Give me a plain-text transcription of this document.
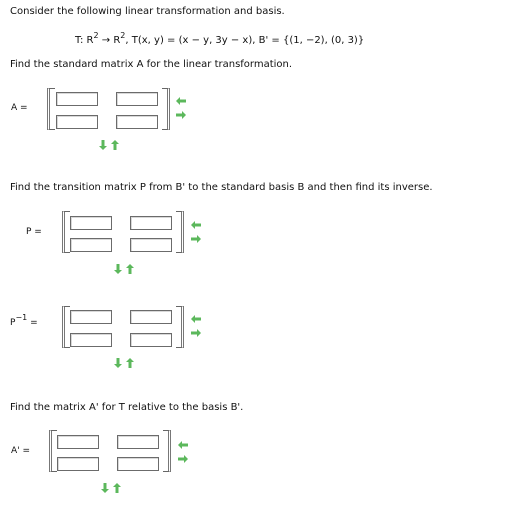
Consider the following linear transformation and basis.
T: $R^2 \to R^2$, T(x, y) = (x − y, 3y − x), B' = {(1, −2), (0, 3)}
Find the standard matrix A for the linear transformation.
A =
Find the transition matrix P from B' to the standard basis B and then find its inverse.
P =
$P^{-1}$ =
Find the matrix A' for T relative to the basis B'.
A' =
